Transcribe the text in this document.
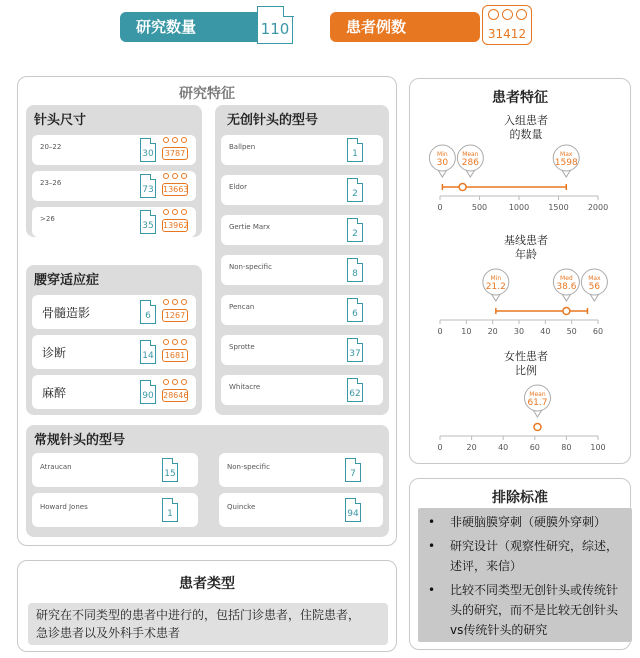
研究数量	110	患者例数	31412
研究特征
针头尺寸
20–22
30	3787
23–26
73 13663
>26
35 13962
腰穿适应症
骨髓造影	6	1267
诊断	14	1681
麻醉	90 28646
无创针头的型号
Ballpen
1
Eldor
2
Gertie Marx
2
Non-specific
8
Pencan
6
Sprotte
37
Whitacre
62
常规针头的型号
Atraucan
15
Non-specific
7
Howard Jones
1
Quincke
94
患者类型
研究在不同类型的患者中进行的，包括门诊患者，住院患者，
急诊患者以及外科手术患者
患者特征
入组患者
的数量
0	500	1000 1500 2000
Min
30
Mean
286
Max
1598
基线患者
年龄
0 10 20 30 40 50 60
Min
21.2
Med
38.6
Max
56
女性患者
比例
0	20	40	60	80 100
Mean
61.7
排除标准
• 非硬脑膜穿刺（硬膜外穿刺）
• 研究设计（观察性研究，综述，述评，来信）
• 比较不同类型无创针头或传统针头的研究，而不是比较无创针头vs传统针头的研究
